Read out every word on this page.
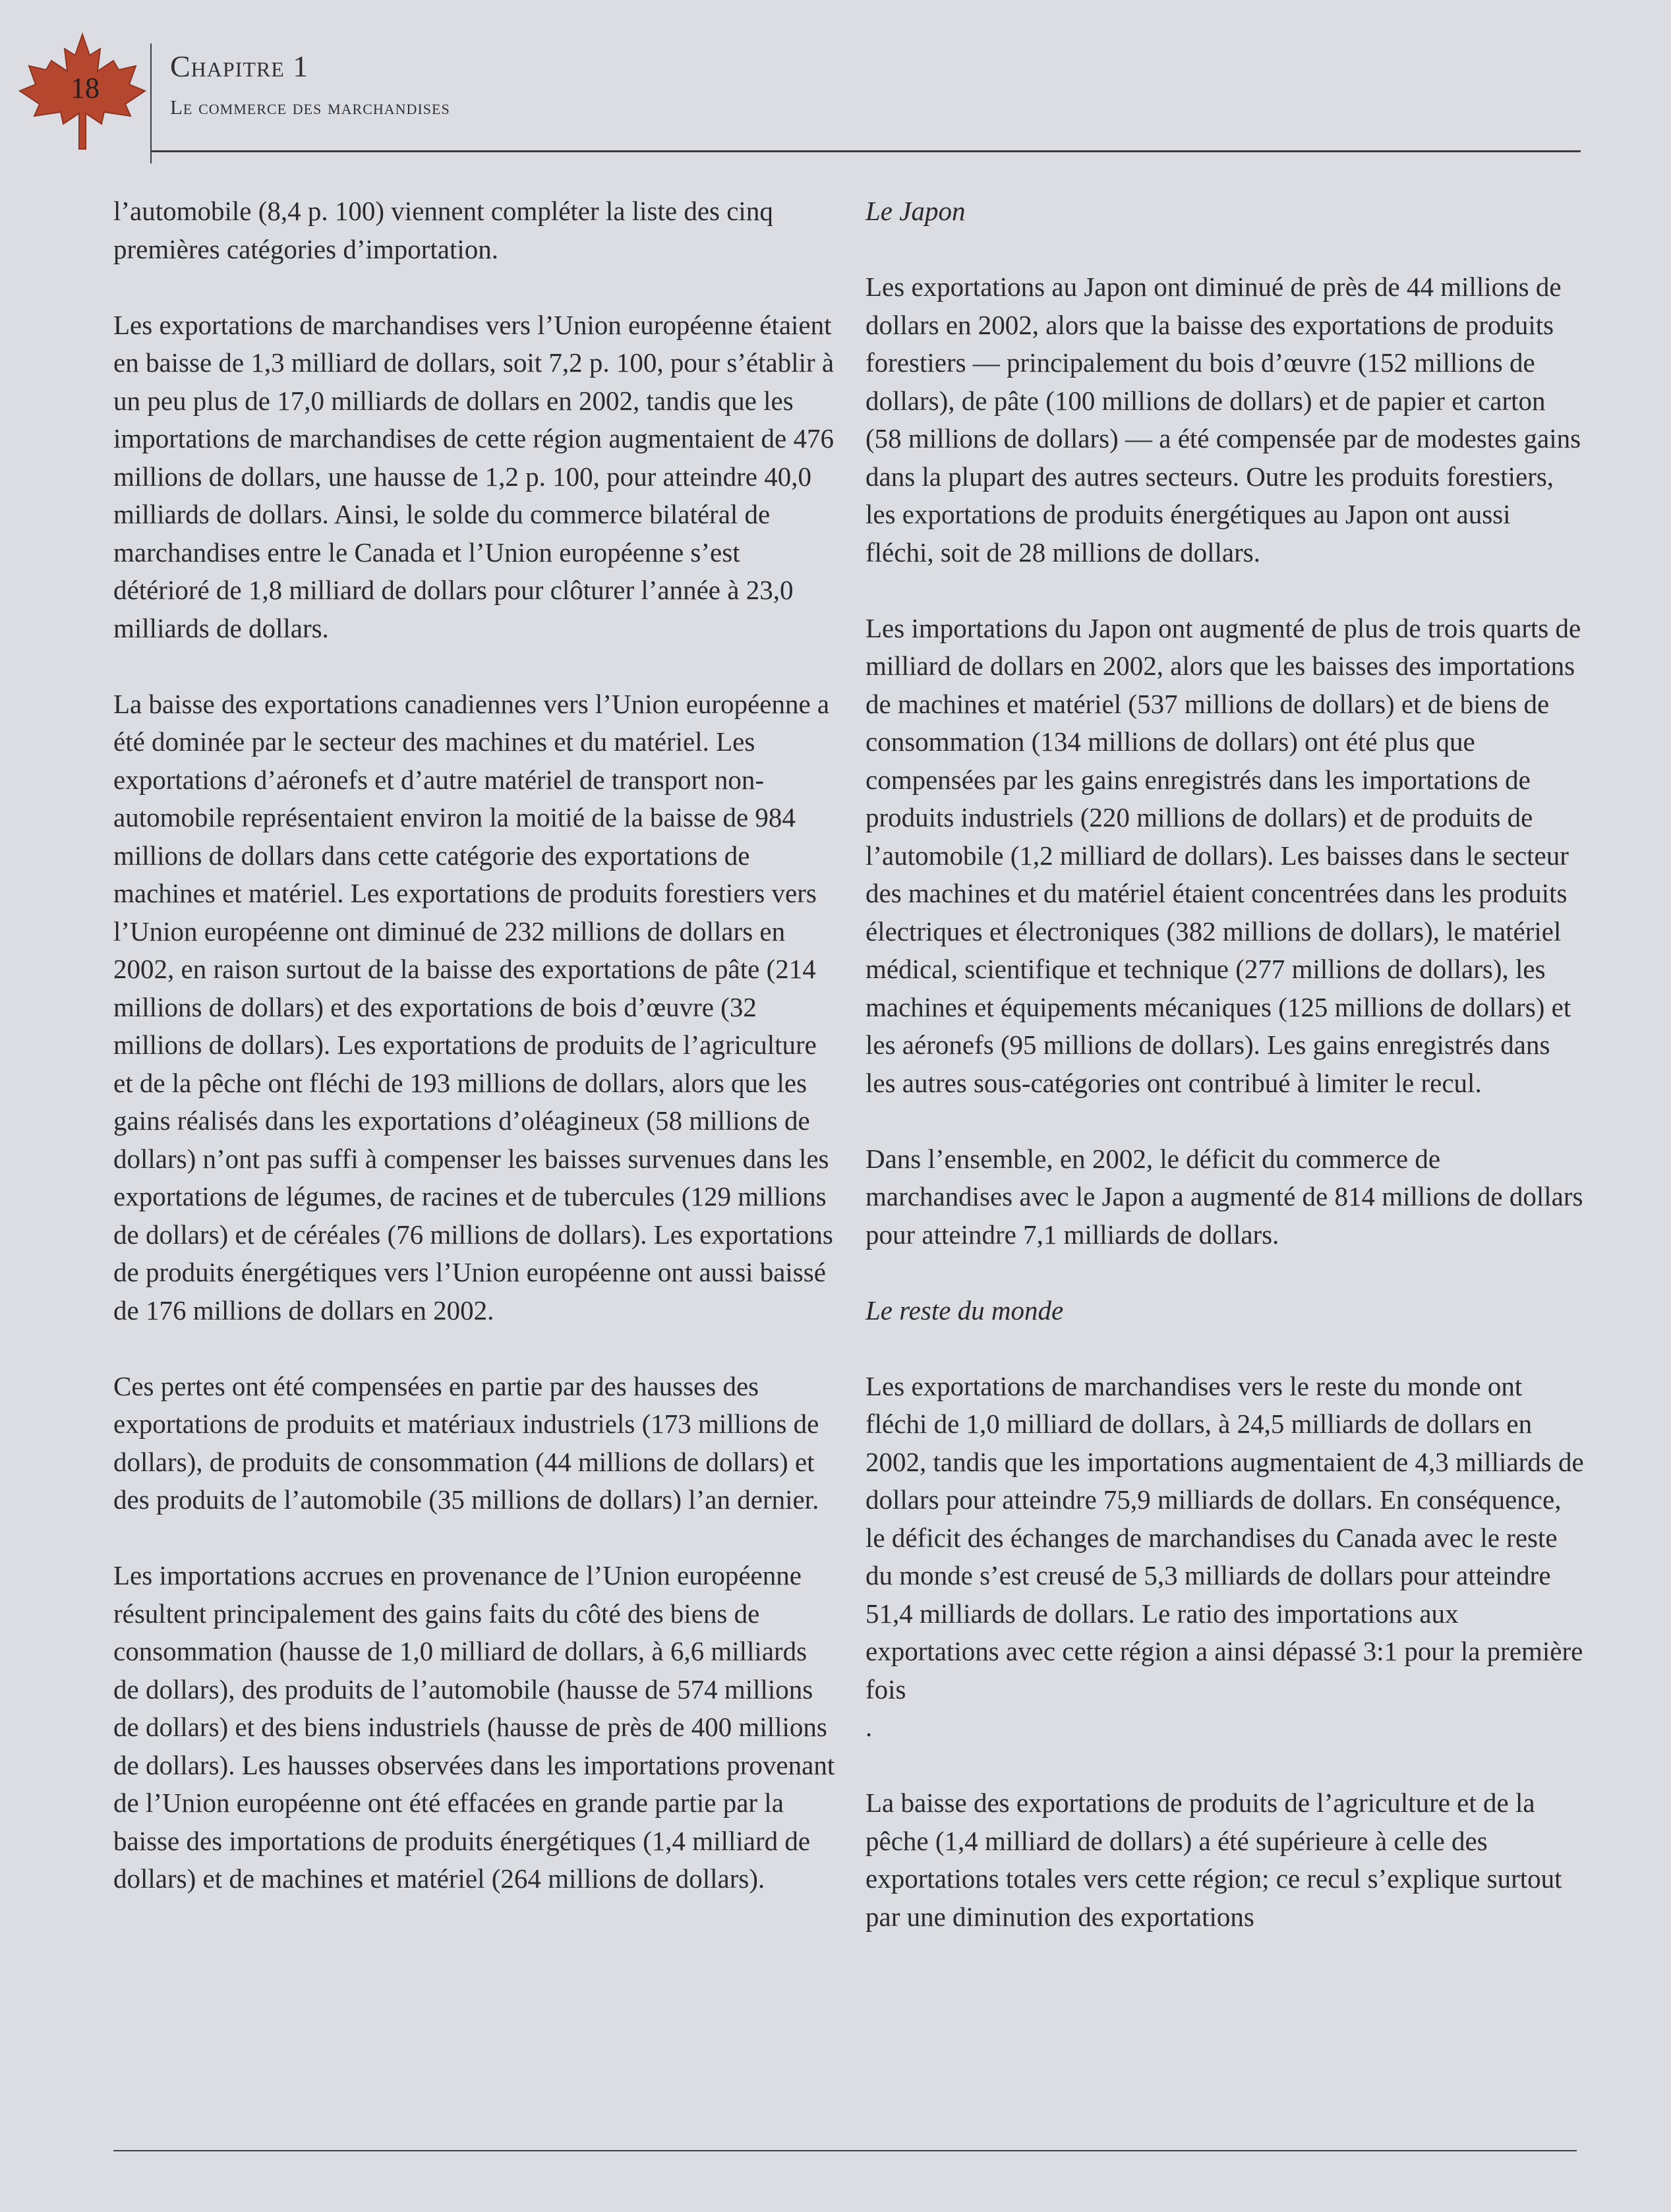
18
Chapitre 1
Le commerce des marchandises

l’automobile (8,4 p. 100) viennent compléter la liste des cinq premières catégories d’importation.

Les exportations de marchandises vers l’Union européenne étaient en baisse de 1,3 milliard de dollars, soit 7,2 p. 100, pour s’établir à un peu plus de 17,0 milliards de dollars en 2002, tandis que les importations de marchandises de cette région augmentaient de 476 millions de dollars, une hausse de 1,2 p. 100, pour atteindre 40,0 milliards de dollars. Ainsi, le solde du commerce bilatéral de marchandises entre le Canada et l’Union européenne s’est détérioré de 1,8 milliard de dollars pour clôturer l’année à 23,0 milliards de dollars.

La baisse des exportations canadiennes vers l’Union européenne a été dominée par le secteur des machines et du matériel. Les exportations d’aéronefs et d’autre matériel de transport non-automobile représentaient environ la moitié de la baisse de 984 millions de dollars dans cette catégorie des exportations de machines et matériel. Les exportations de produits forestiers vers l’Union européenne ont diminué de 232 millions de dollars en 2002, en raison surtout de la baisse des exportations de pâte (214 millions de dollars) et des exportations de bois d’œuvre (32 millions de dollars). Les exportations de produits de l’agriculture et de la pêche ont fléchi de 193 millions de dollars, alors que les gains réalisés dans les exportations d’oléagineux (58 millions de dollars) n’ont pas suffi à compenser les baisses survenues dans les exportations de légumes, de racines et de tubercules (129 millions de dollars) et de céréales (76 millions de dollars). Les exportations de produits énergétiques vers l’Union européenne ont aussi baissé de 176 millions de dollars en 2002.

Ces pertes ont été compensées en partie par des hausses des exportations de produits et matériaux industriels (173 millions de dollars), de produits de consommation (44 millions de dollars) et des produits de l’automobile (35 millions de dollars) l’an dernier.

Les importations accrues en provenance de l’Union européenne résultent principalement des gains faits du côté des biens de consommation (hausse de 1,0 milliard de dollars, à 6,6 milliards de dollars), des produits de l’automobile (hausse de 574 millions de dollars) et des biens industriels (hausse de près de 400 millions de dollars). Les hausses observées dans les importations provenant de l’Union européenne ont été effacées en grande partie par la baisse des importations de produits énergétiques (1,4 milliard de dollars) et de machines et matériel (264 millions de dollars).

Le Japon

Les exportations au Japon ont diminué de près de 44 millions de dollars en 2002, alors que la baisse des exportations de produits forestiers — principalement du bois d’œuvre (152 millions de dollars), de pâte (100 millions de dollars) et de papier et carton (58 millions de dollars) — a été compensée par de modestes gains dans la plupart des autres secteurs. Outre les produits forestiers, les exportations de produits énergétiques au Japon ont aussi fléchi, soit de 28 millions de dollars.

Les importations du Japon ont augmenté de plus de trois quarts de milliard de dollars en 2002, alors que les baisses des importations de machines et matériel (537 millions de dollars) et de biens de consommation (134 millions de dollars) ont été plus que compensées par les gains enregistrés dans les importations de produits industriels (220 millions de dollars) et de produits de l’automobile (1,2 milliard de dollars). Les baisses dans le secteur des machines et du matériel étaient concentrées dans les produits électriques et électroniques (382 millions de dollars), le matériel médical, scientifique et technique (277 millions de dollars), les machines et équipements mécaniques (125 millions de dollars) et les aéronefs (95 millions de dollars). Les gains enregistrés dans les autres sous-catégories ont contribué à limiter le recul.

Dans l’ensemble, en 2002, le déficit du commerce de marchandises avec le Japon a augmenté de 814 millions de dollars pour atteindre 7,1 milliards de dollars.

Le reste du monde

Les exportations de marchandises vers le reste du monde ont fléchi de 1,0 milliard de dollars, à 24,5 milliards de dollars en 2002, tandis que les importations augmentaient de 4,3 milliards de dollars pour atteindre 75,9 milliards de dollars. En conséquence, le déficit des échanges de marchandises du Canada avec le reste du monde s’est creusé de 5,3 milliards de dollars pour atteindre 51,4 milliards de dollars. Le ratio des importations aux exportations avec cette région a ainsi dépassé 3:1 pour la première fois

.

La baisse des exportations de produits de l’agriculture et de la pêche (1,4 milliard de dollars) a été supérieure à celle des exportations totales vers cette région; ce recul s’explique surtout par une diminution des exportations
